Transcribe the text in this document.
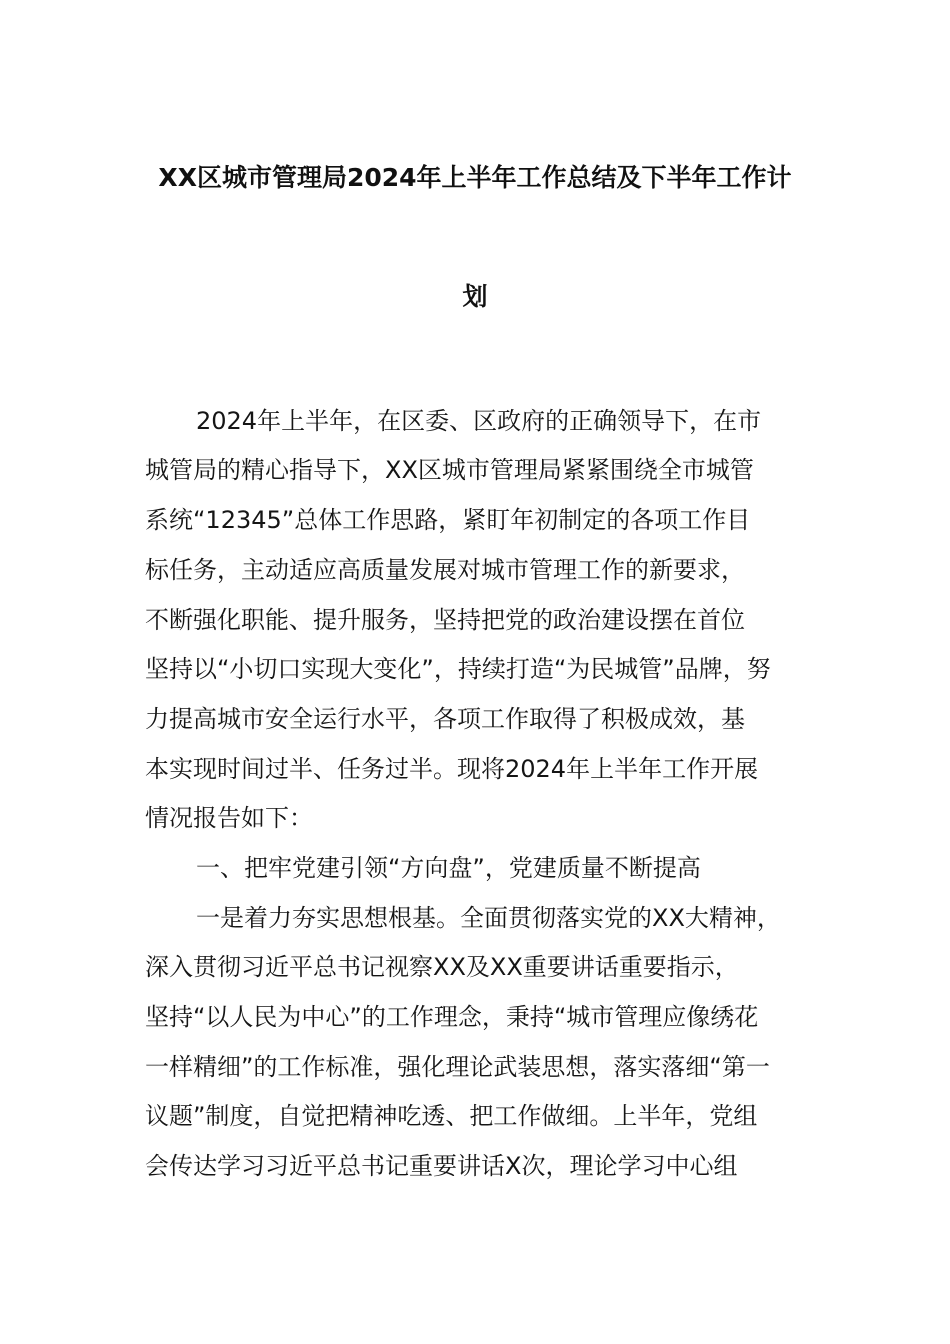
XX区城市管理局2024年上半年工作总结及下半年工作计
划
2024年上半年，在区委、区政府的正确领导下，在市
城管局的精心指导下，XX区城市管理局紧紧围绕全市城管
系统“12345”总体工作思路，紧盯年初制定的各项工作目
标任务，主动适应高质量发展对城市管理工作的新要求，
不断强化职能、提升服务，坚持把党的政治建设摆在首位
坚持以“小切口实现大变化”，持续打造“为民城管”品牌，努
力提高城市安全运行水平，各项工作取得了积极成效，基
本实现时间过半、任务过半。现将2024年上半年工作开展
情况报告如下：
一、把牢党建引领“方向盘”，党建质量不断提高
一是着力夯实思想根基。全面贯彻落实党的XX大精神，
深入贯彻习近平总书记视察XX及XX重要讲话重要指示，
坚持“以人民为中心”的工作理念，秉持“城市管理应像绣花
一样精细”的工作标准，强化理论武装思想，落实落细“第一
议题”制度，自觉把精神吃透、把工作做细。上半年，党组
会传达学习习近平总书记重要讲话X次，理论学习中心组
